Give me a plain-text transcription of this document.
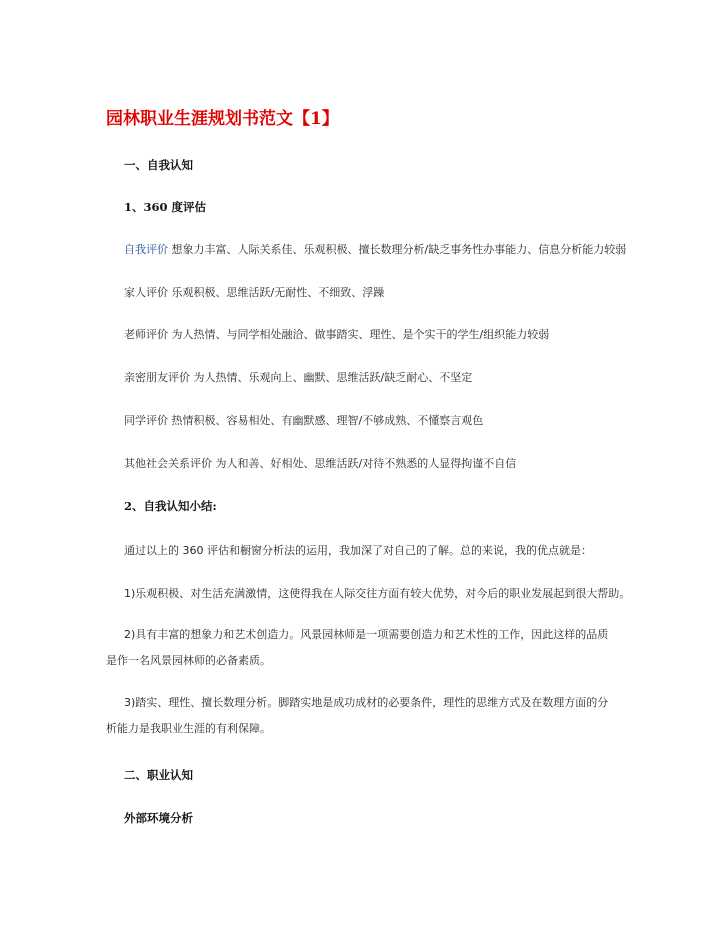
园林职业生涯规划书范文【1】
一、自我认知
1、360 度评估
自我评价 想象力丰富、人际关系佳、乐观积极、擅长数理分析/缺乏事务性办事能力、信息分析能力较弱
家人评价 乐观积极、思维活跃/无耐性、不细致、浮躁
老师评价 为人热情、与同学相处融洽、做事踏实、理性、是个实干的学生/组织能力较弱
亲密朋友评价 为人热情、乐观向上、幽默、思维活跃/缺乏耐心、不坚定
同学评价 热情积极、容易相处、有幽默感、理智/不够成熟、不懂察言观色
其他社会关系评价 为人和善、好相处、思维活跃/对待不熟悉的人显得拘谨不自信
2、自我认知小结:
通过以上的 360 评估和橱窗分析法的运用，我加深了对自己的了解。总的来说，我的优点就是：
1)乐观积极、对生活充满激情，这使得我在人际交往方面有较大优势，对今后的职业发展起到很大帮助。
2)具有丰富的想象力和艺术创造力。风景园林师是一项需要创造力和艺术性的工作，因此这样的品质是作一名风景园林师的必备素质。
3)踏实、理性、擅长数理分析。脚踏实地是成功成材的必要条件，理性的思维方式及在数理方面的分析能力是我职业生涯的有利保障。
二、职业认知
外部环境分析
